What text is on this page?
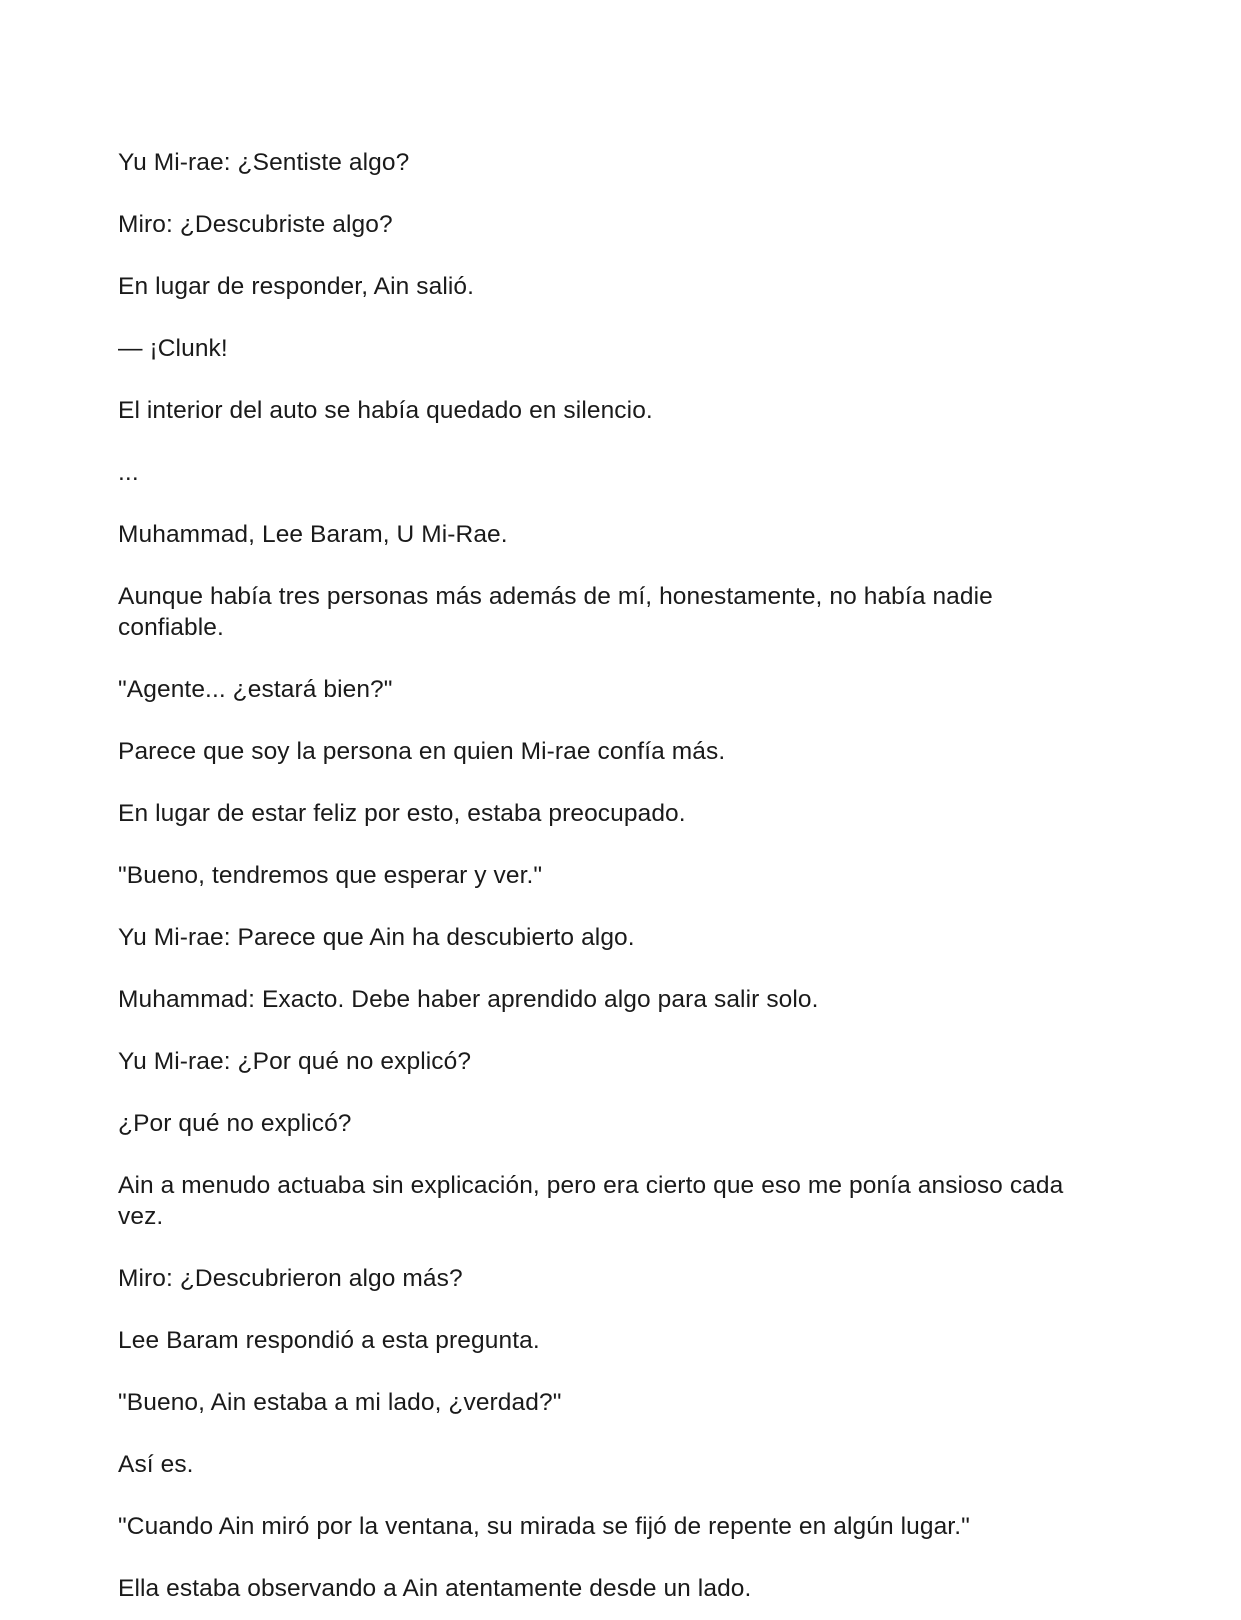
Yu Mi-rae: ¿Sentiste algo?

Miro: ¿Descubriste algo?

En lugar de responder, Ain salió.

— ¡Clunk!

El interior del auto se había quedado en silencio.

...

Muhammad, Lee Baram, U Mi-Rae.

Aunque había tres personas más además de mí, honestamente, no había nadie confiable.

"Agente... ¿estará bien?"

Parece que soy la persona en quien Mi-rae confía más.

En lugar de estar feliz por esto, estaba preocupado.

"Bueno, tendremos que esperar y ver."

Yu Mi-rae: Parece que Ain ha descubierto algo.

Muhammad: Exacto. Debe haber aprendido algo para salir solo.

Yu Mi-rae: ¿Por qué no explicó?

¿Por qué no explicó?

Ain a menudo actuaba sin explicación, pero era cierto que eso me ponía ansioso cada vez.

Miro: ¿Descubrieron algo más?

Lee Baram respondió a esta pregunta.

"Bueno, Ain estaba a mi lado, ¿verdad?"

Así es.

"Cuando Ain miró por la ventana, su mirada se fijó de repente en algún lugar."

Ella estaba observando a Ain atentamente desde un lado.
